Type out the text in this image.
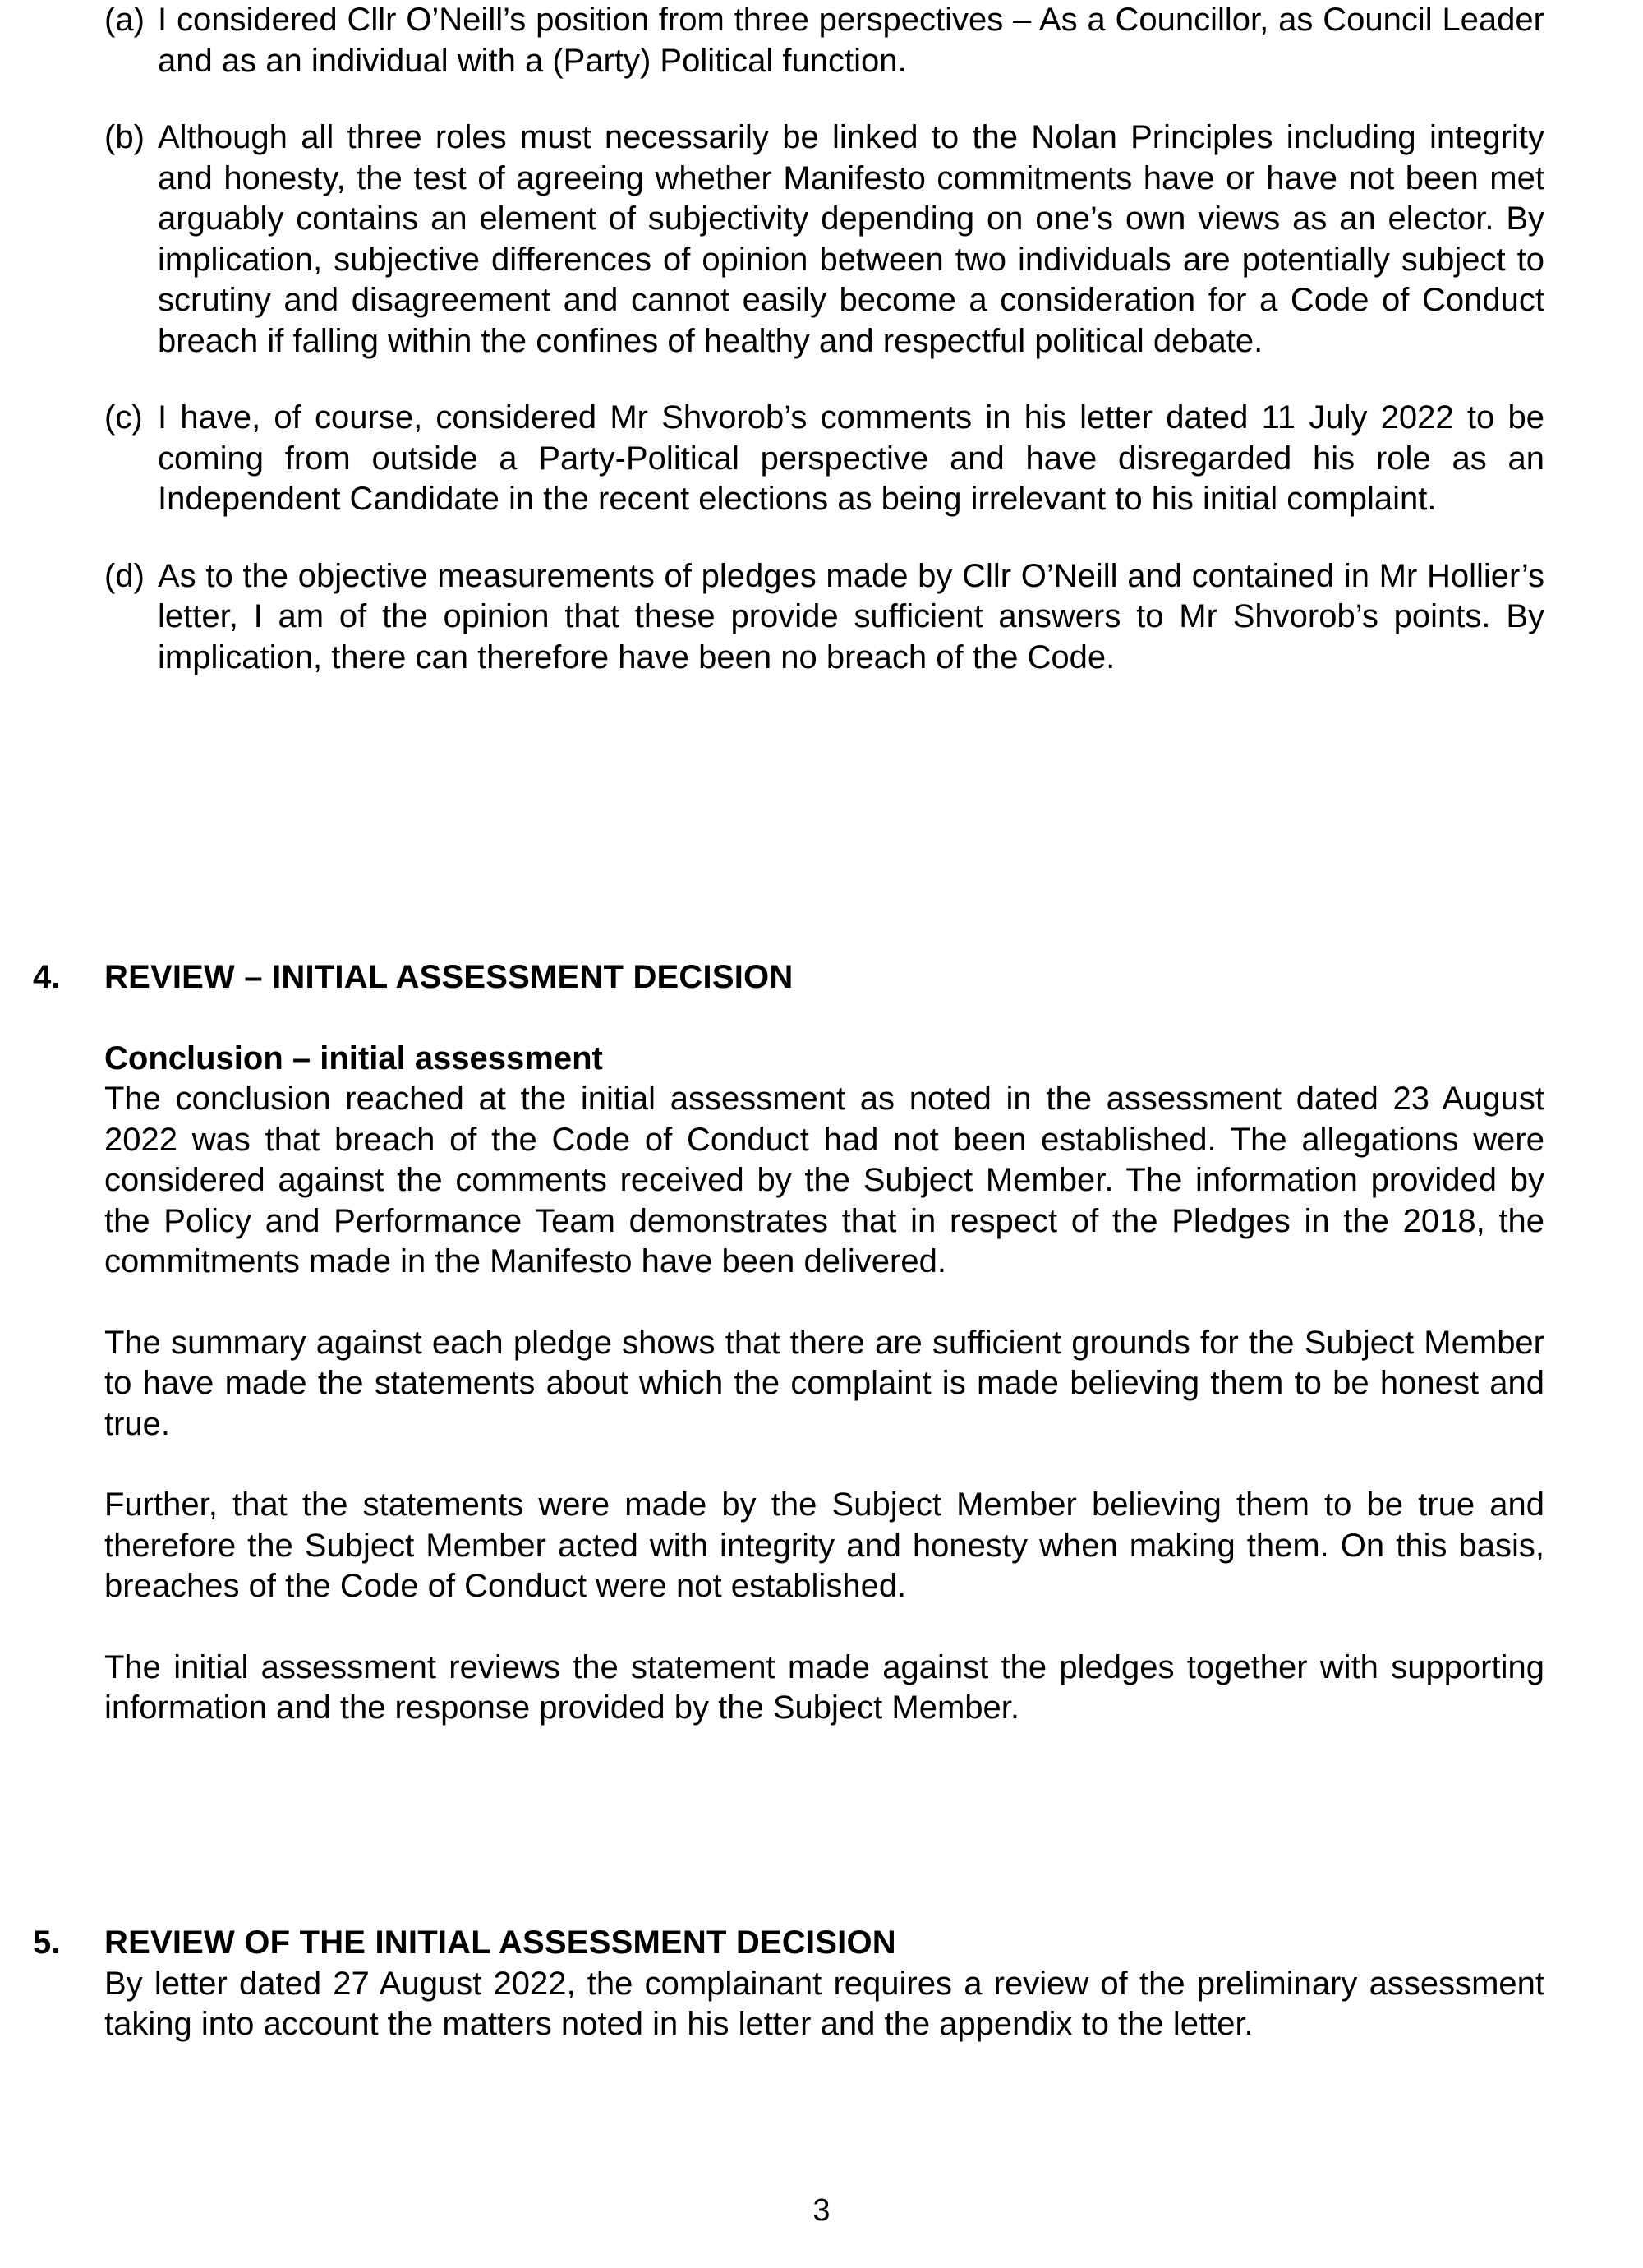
(a) I considered Cllr O’Neill’s position from three perspectives – As a Councillor, as Council Leader and as an individual with a (Party) Political function.
(b) Although all three roles must necessarily be linked to the Nolan Principles including integrity and honesty, the test of agreeing whether Manifesto commitments have or have not been met arguably contains an element of subjectivity depending on one’s own views as an elector. By implication, subjective differences of opinion between two individuals are potentially subject to scrutiny and disagreement and cannot easily become a consideration for a Code of Conduct breach if falling within the confines of healthy and respectful political debate.
(c) I have, of course, considered Mr Shvorob’s comments in his letter dated 11 July 2022 to be coming from outside a Party-Political perspective and have disregarded his role as an Independent Candidate in the recent elections as being irrelevant to his initial complaint.
(d) As to the objective measurements of pledges made by Cllr O’Neill and contained in Mr Hollier’s letter, I am of the opinion that these provide sufficient answers to Mr Shvorob’s points. By implication, there can therefore have been no breach of the Code.
4.	REVIEW – INITIAL ASSESSMENT DECISION
Conclusion – initial assessment
The conclusion reached at the initial assessment as noted in the assessment dated 23 August 2022 was that breach of the Code of Conduct had not been established. The allegations were considered against the comments received by the Subject Member. The information provided by the Policy and Performance Team demonstrates that in respect of the Pledges in the 2018, the commitments made in the Manifesto have been delivered.
The summary against each pledge shows that there are sufficient grounds for the Subject Member to have made the statements about which the complaint is made believing them to be honest and true.
Further, that the statements were made by the Subject Member believing them to be true and therefore the Subject Member acted with integrity and honesty when making them. On this basis, breaches of the Code of Conduct were not established.
The initial assessment reviews the statement made against the pledges together with supporting information and the response provided by the Subject Member.
5.	REVIEW OF THE INITIAL ASSESSMENT DECISION
By letter dated 27 August 2022, the complainant requires a review of the preliminary assessment taking into account the matters noted in his letter and the appendix to the letter.
3
